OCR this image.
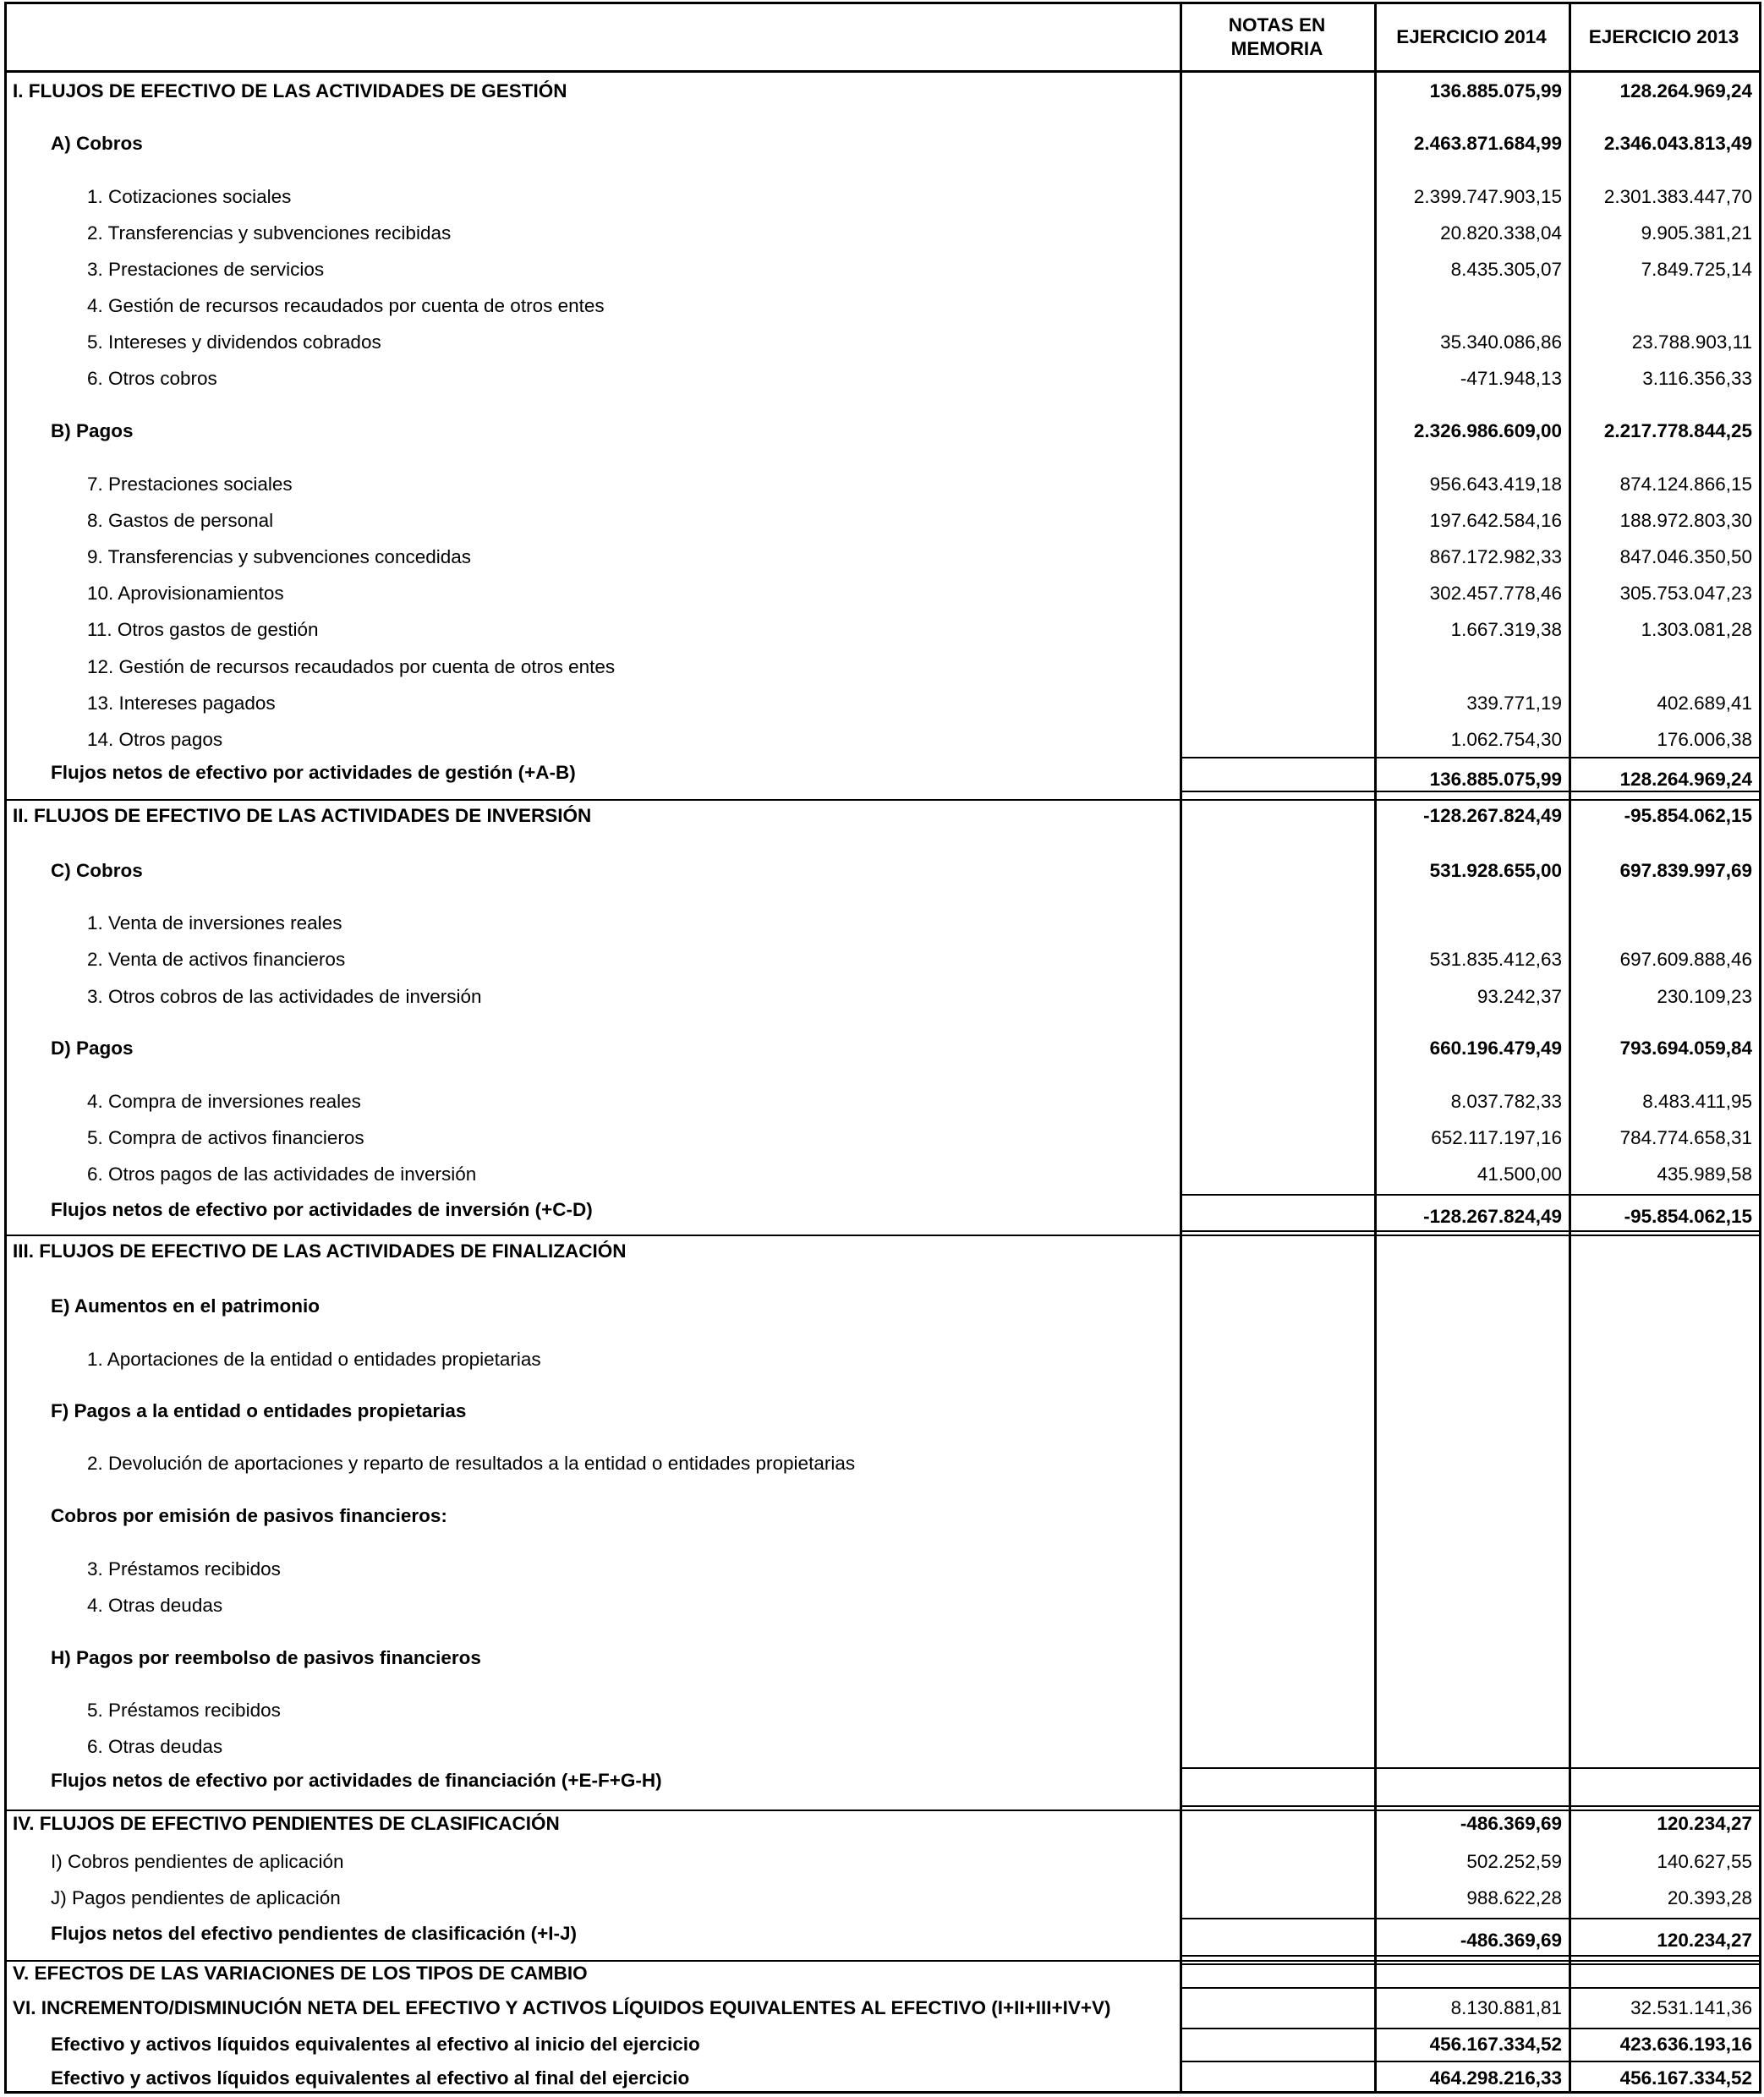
NOTAS EN
MEMORIA
EJERCICIO 2014	EJERCICIO 2013
I. FLUJOS DE EFECTIVO DE LAS ACTIVIDADES DE GESTIÓN	136.885.075,99	128.264.969,24
A) Cobros	2.463.871.684,99	2.346.043.813,49
1. Cotizaciones sociales	2.399.747.903,15	2.301.383.447,70
2. Transferencias y subvenciones recibidas	20.820.338,04	9.905.381,21
3. Prestaciones de servicios	8.435.305,07	7.849.725,14
4. Gestión de recursos recaudados por cuenta de otros entes
5. Intereses y dividendos cobrados	35.340.086,86	23.788.903,11
6. Otros cobros	-471.948,13	3.116.356,33
B) Pagos	2.326.986.609,00	2.217.778.844,25
7. Prestaciones sociales	956.643.419,18	874.124.866,15
8. Gastos de personal	197.642.584,16	188.972.803,30
9. Transferencias y subvenciones concedidas	867.172.982,33	847.046.350,50
10. Aprovisionamientos	302.457.778,46	305.753.047,23
11. Otros gastos de gestión	1.667.319,38	1.303.081,28
12. Gestión de recursos recaudados por cuenta de otros entes
13. Intereses pagados	339.771,19	402.689,41
14. Otros pagos	1.062.754,30	176.006,38
Flujos netos de efectivo por actividades de gestión (+A-B)	136.885.075,99	128.264.969,24
II. FLUJOS DE EFECTIVO DE LAS ACTIVIDADES DE INVERSIÓN	-128.267.824,49	-95.854.062,15
C) Cobros	531.928.655,00	697.839.997,69
1. Venta de inversiones reales
2. Venta de activos financieros	531.835.412,63	697.609.888,46
3. Otros cobros de las actividades de inversión	93.242,37	230.109,23
D) Pagos	660.196.479,49	793.694.059,84
4. Compra de inversiones reales	8.037.782,33	8.483.411,95
5. Compra de activos financieros	652.117.197,16	784.774.658,31
6. Otros pagos de las actividades de inversión	41.500,00	435.989,58
Flujos netos de efectivo por actividades de inversión (+C-D)	-128.267.824,49	-95.854.062,15
III. FLUJOS DE EFECTIVO DE LAS ACTIVIDADES DE FINALIZACIÓN
E) Aumentos en el patrimonio
1. Aportaciones de la entidad o entidades propietarias
F) Pagos a la entidad o entidades propietarias
2. Devolución de aportaciones y reparto de resultados a la entidad o entidades propietarias
Cobros por emisión de pasivos financieros:
3. Préstamos recibidos
4. Otras deudas
H) Pagos por reembolso de pasivos financieros
5. Préstamos recibidos
6. Otras deudas
Flujos netos de efectivo por actividades de financiación (+E-F+G-H)
IV. FLUJOS DE EFECTIVO PENDIENTES DE CLASIFICACIÓN	-486.369,69	120.234,27
I) Cobros pendientes de aplicación	502.252,59	140.627,55
J) Pagos pendientes de aplicación	988.622,28	20.393,28
Flujos netos del efectivo pendientes de clasificación (+I-J)	-486.369,69	120.234,27
V. EFECTOS DE LAS VARIACIONES DE LOS TIPOS DE CAMBIO
VI. INCREMENTO/DISMINUCIÓN NETA DEL EFECTIVO Y ACTIVOS LÍQUIDOS EQUIVALENTES AL EFECTIVO (I+II+III+IV+V)	8.130.881,81	32.531.141,36
Efectivo y activos líquidos equivalentes al efectivo al inicio del ejercicio	456.167.334,52	423.636.193,16
Efectivo y activos líquidos equivalentes al efectivo al final del ejercicio	464.298.216,33	456.167.334,52
